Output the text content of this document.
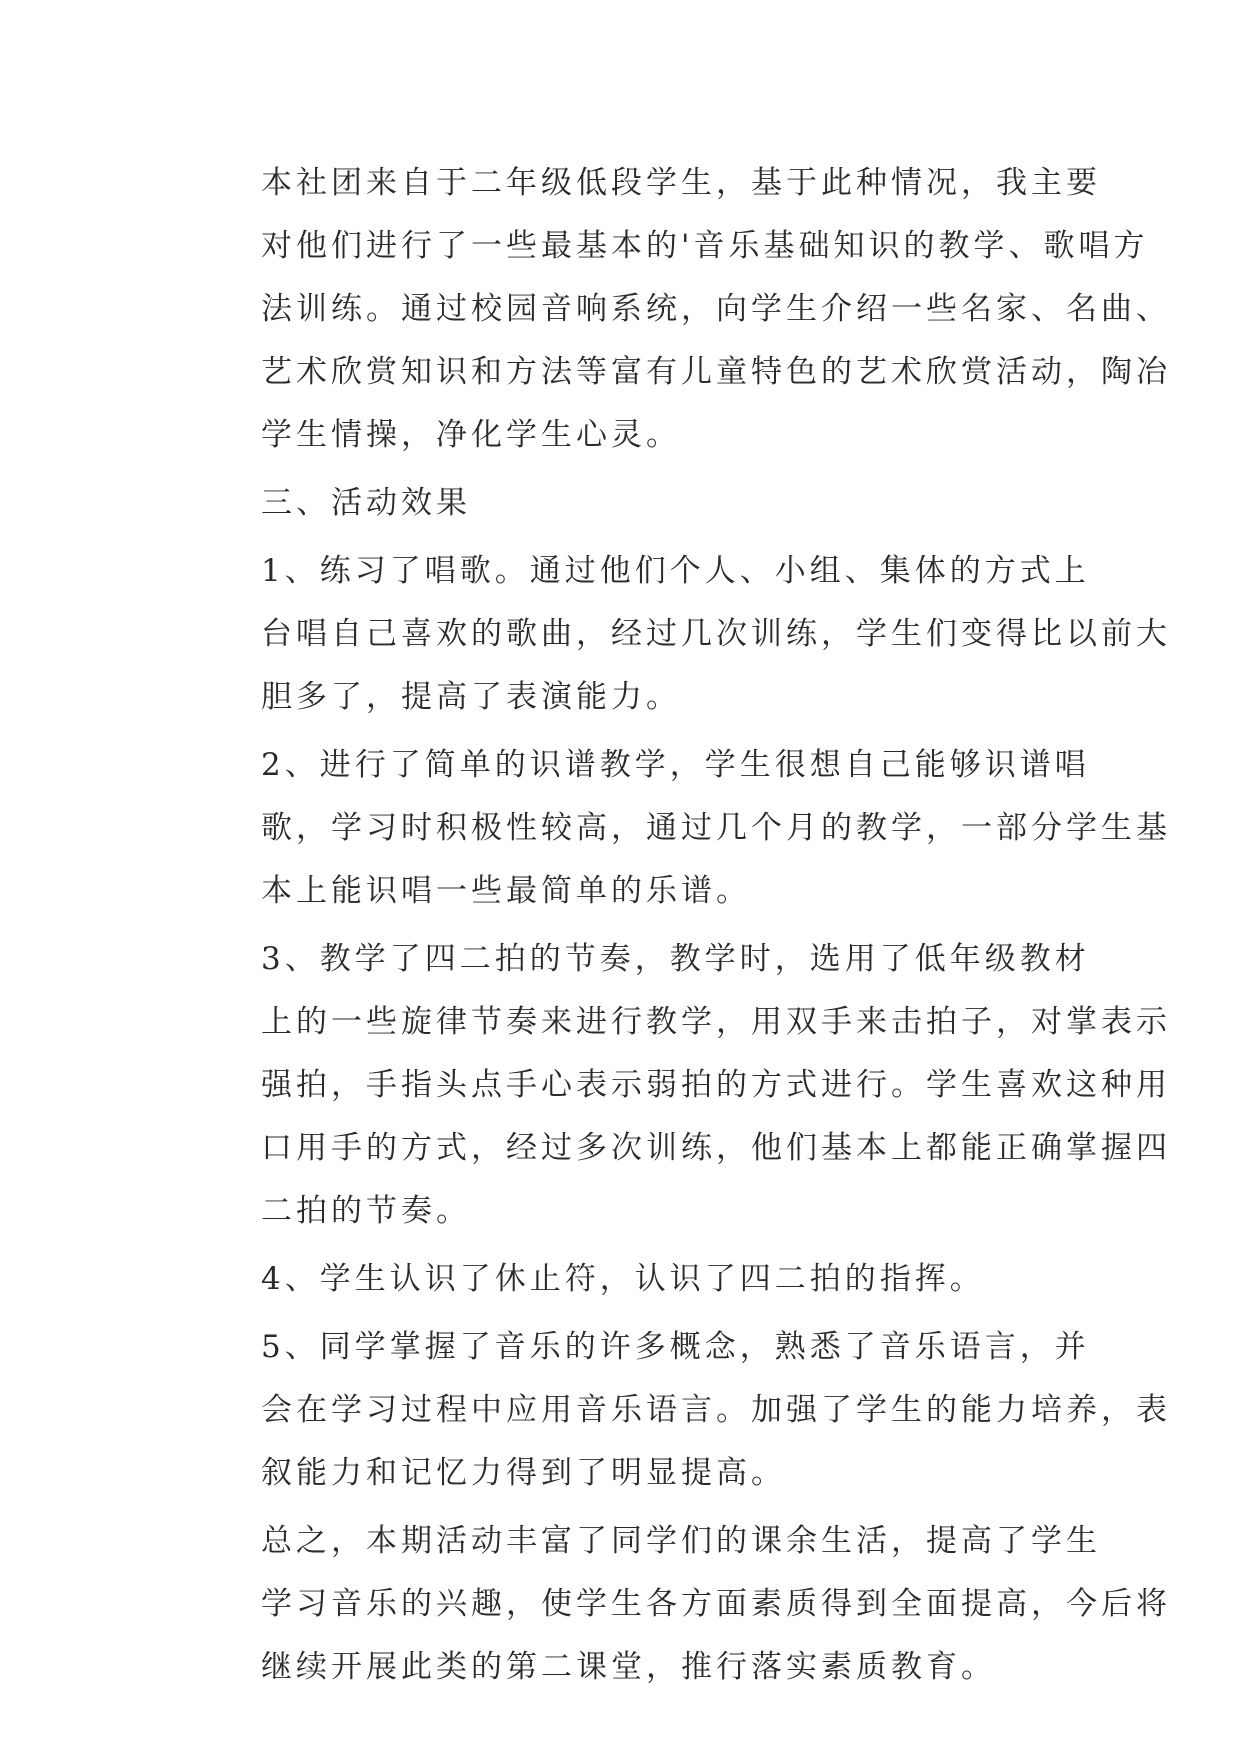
本社团来自于二年级低段学生，基于此种情况，我主要
对他们进行了一些最基本的'音乐基础知识的教学、歌唱方
法训练。通过校园音响系统，向学生介绍一些名家、名曲、
艺术欣赏知识和方法等富有儿童特色的艺术欣赏活动，陶冶
学生情操，净化学生心灵。
三、活动效果
1、练习了唱歌。通过他们个人、小组、集体的方式上
台唱自己喜欢的歌曲，经过几次训练，学生们变得比以前大
胆多了，提高了表演能力。
2、进行了简单的识谱教学，学生很想自己能够识谱唱
歌，学习时积极性较高，通过几个月的教学，一部分学生基
本上能识唱一些最简单的乐谱。
3、教学了四二拍的节奏，教学时，选用了低年级教材
上的一些旋律节奏来进行教学，用双手来击拍子，对掌表示
强拍，手指头点手心表示弱拍的方式进行。学生喜欢这种用
口用手的方式，经过多次训练，他们基本上都能正确掌握四
二拍的节奏。
4、学生认识了休止符，认识了四二拍的指挥。
5、同学掌握了音乐的许多概念，熟悉了音乐语言，并
会在学习过程中应用音乐语言。加强了学生的能力培养，表
叙能力和记忆力得到了明显提高。
总之，本期活动丰富了同学们的课余生活，提高了学生
学习音乐的兴趣，使学生各方面素质得到全面提高，今后将
继续开展此类的第二课堂，推行落实素质教育。
